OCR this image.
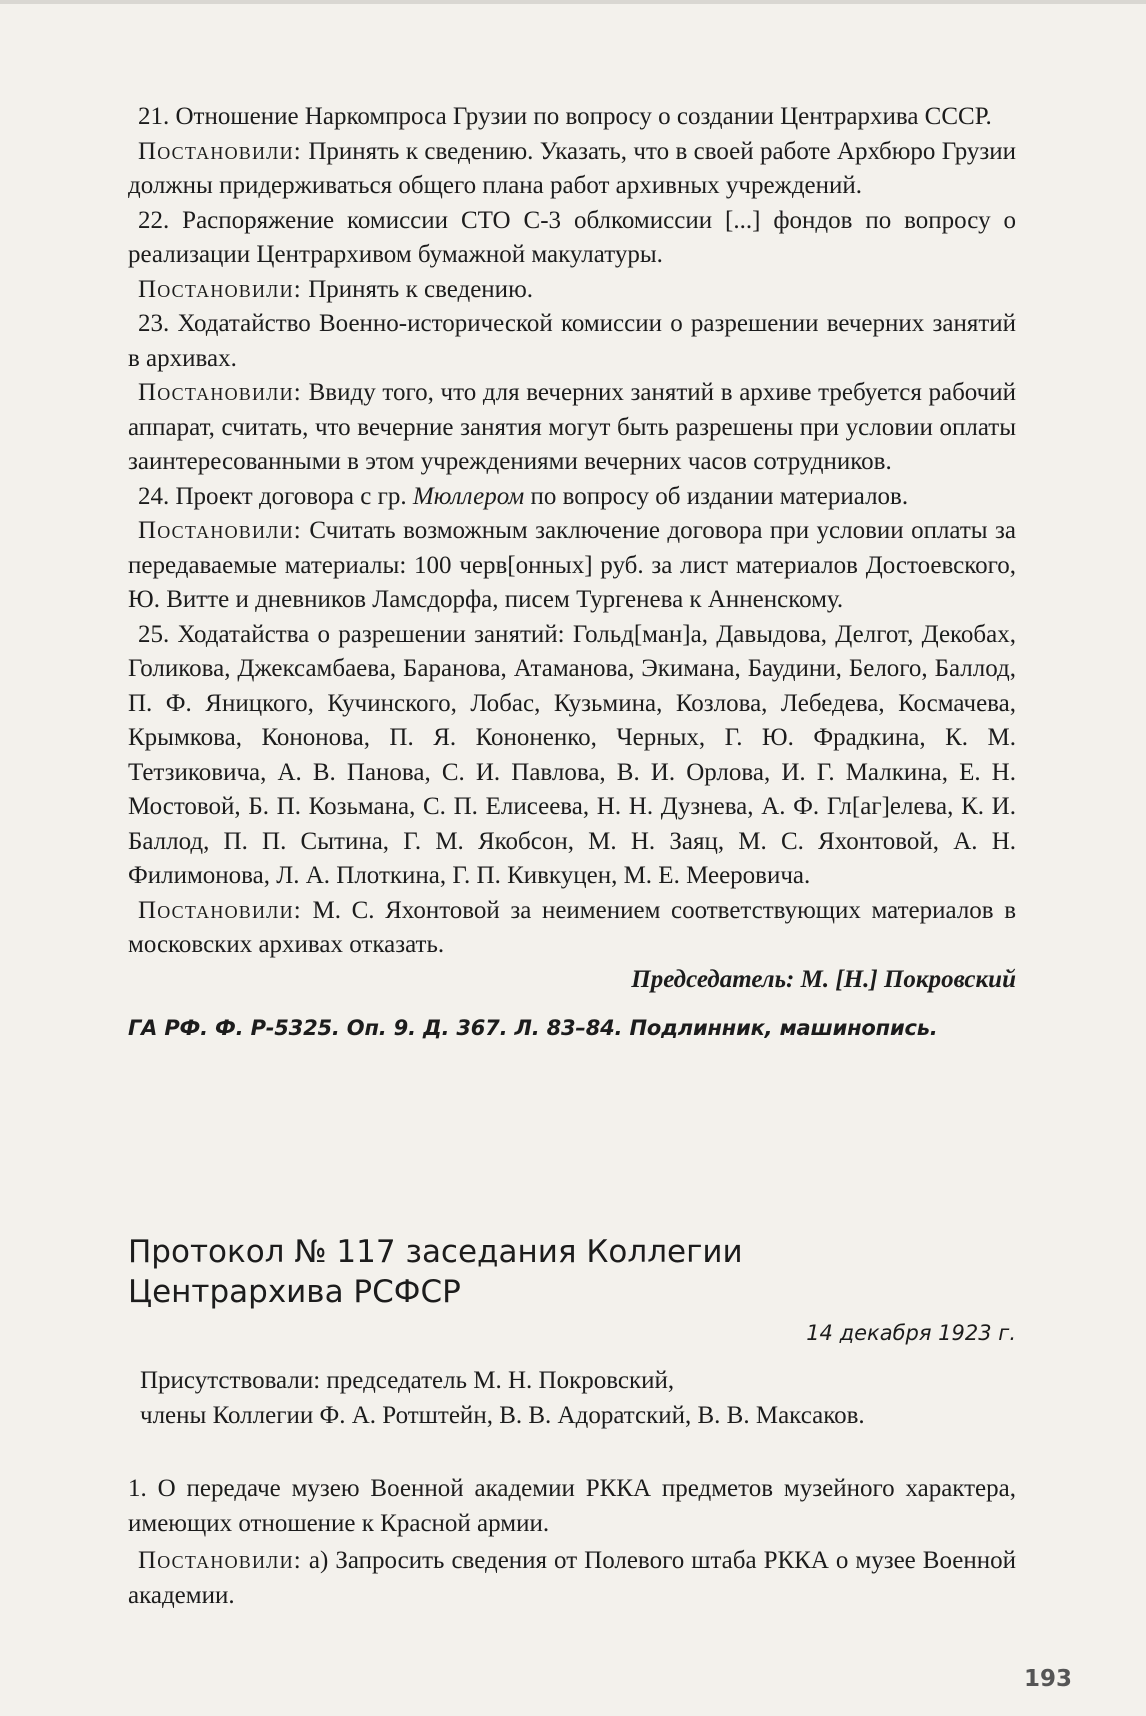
21. Отношение Наркомпроса Грузии по вопросу о создании Центрархива СССР.

Постановили: Принять к сведению. Указать, что в своей работе Архбюро Грузии должны придерживаться общего плана работ архивных учреждений.

22. Распоряжение комиссии СТО С-3 облкомиссии [...] фондов по вопросу о реализации Центрархивом бумажной макулатуры.

Постановили: Принять к сведению.

23. Ходатайство Военно-исторической комиссии о разрешении вечерних занятий в архивах.

Постановили: Ввиду того, что для вечерних занятий в архиве требуется рабочий аппарат, считать, что вечерние занятия могут быть разрешены при условии оплаты заинтересованными в этом учреждениями вечерних часов сотрудников.

24. Проект договора с гр. Мюллером по вопросу об издании материалов.

Постановили: Считать возможным заключение договора при условии оплаты за передаваемые материалы: 100 черв[онных] руб. за лист материалов Достоевского, Ю. Витте и дневников Ламсдорфа, писем Тургенева к Анненскому.

25. Ходатайства о разрешении занятий: Гольд[ман]а, Давыдова, Делгот, Декобах, Голикова, Джексамбаева, Баранова, Атаманова, Экимана, Баудини, Белого, Баллод, П. Ф. Яницкого, Кучинского, Лобас, Кузьмина, Козлова, Лебедева, Космачева, Крымкова, Кононова, П. Я. Кононенко, Черных, Г. Ю. Фрадкина, К. М. Тетзиковича, А. В. Панова, С. И. Павлова, В. И. Орлова, И. Г. Малкина, Е. Н. Мостовой, Б. П. Козьмана, С. П. Елисеева, Н. Н. Дузнева, А. Ф. Гл[аг]елева, К. И. Баллод, П. П. Сытина, Г. М. Якобсон, М. Н. Заяц, М. С. Яхонтовой, А. Н. Филимонова, Л. А. Плоткина, Г. П. Кивкуцен, М. Е. Мееровича.

Постановили: М. С. Яхонтовой за неимением соответствующих материалов в московских архивах отказать.

Председатель: М. [Н.] Покровский

ГА РФ. Ф. Р-5325. Оп. 9. Д. 367. Л. 83–84. Подлинник, машинопись.

Протокол № 117 заседания Коллегии
Центрархива РСФСР
14 декабря 1923 г.

Присутствовали: председатель М. Н. Покровский,

члены Коллегии Ф. А. Ротштейн, В. В. Адоратский, В. В. Максаков.

1. О передаче музею Военной академии РККА предметов музейного характера, имеющих отношение к Красной армии.

Постановили: а) Запросить сведения от Полевого штаба РККА о музее Военной академии.

193
